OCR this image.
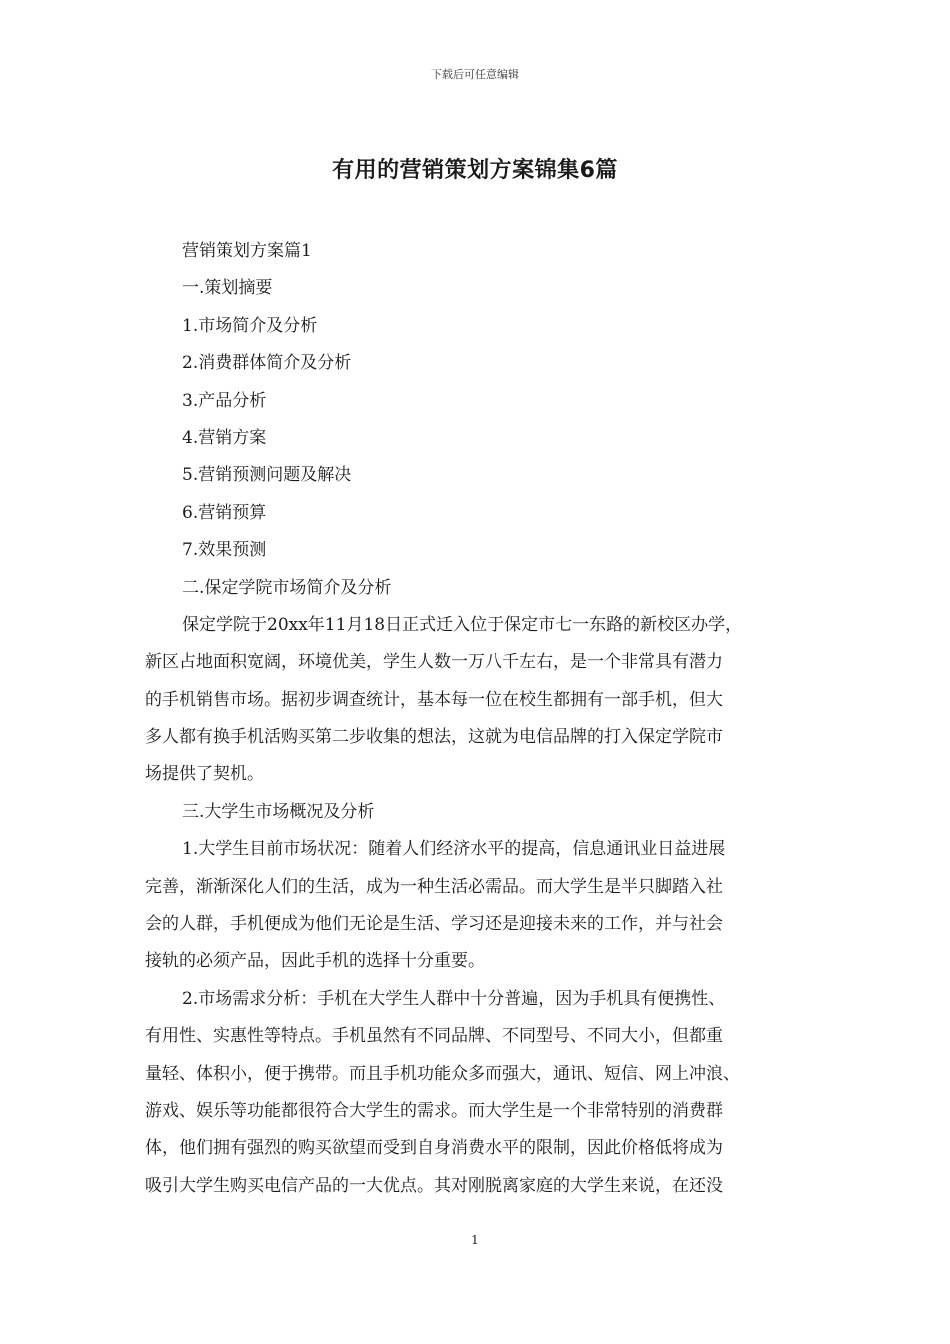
下载后可任意编辑
有用的营销策划方案锦集6篇
营销策划方案篇1
一.策划摘要
1.市场简介及分析
2.消费群体简介及分析
3.产品分析
4.营销方案
5.营销预测问题及解决
6.营销预算
7.效果预测
二.保定学院市场简介及分析
保定学院于20xx年11月18日正式迁入位于保定市七一东路的新校区办学，
新区占地面积宽阔，环境优美，学生人数一万八千左右，是一个非常具有潜力
的手机销售市场。据初步调查统计，基本每一位在校生都拥有一部手机，但大
多人都有换手机活购买第二步收集的想法，这就为电信品牌的打入保定学院市
场提供了契机。
三.大学生市场概况及分析
1.大学生目前市场状况：随着人们经济水平的提高，信息通讯业日益进展
完善，渐渐深化人们的生活，成为一种生活必需品。而大学生是半只脚踏入社
会的人群，手机便成为他们无论是生活、学习还是迎接未来的工作，并与社会
接轨的必须产品，因此手机的选择十分重要。
2.市场需求分析：手机在大学生人群中十分普遍，因为手机具有便携性、
有用性、实惠性等特点。手机虽然有不同品牌、不同型号、不同大小，但都重
量轻、体积小，便于携带。而且手机功能众多而强大，通讯、短信、网上冲浪、
游戏、娱乐等功能都很符合大学生的需求。而大学生是一个非常特别的消费群
体，他们拥有强烈的购买欲望而受到自身消费水平的限制，因此价格低将成为
吸引大学生购买电信产品的一大优点。其对刚脱离家庭的大学生来说，在还没
1
